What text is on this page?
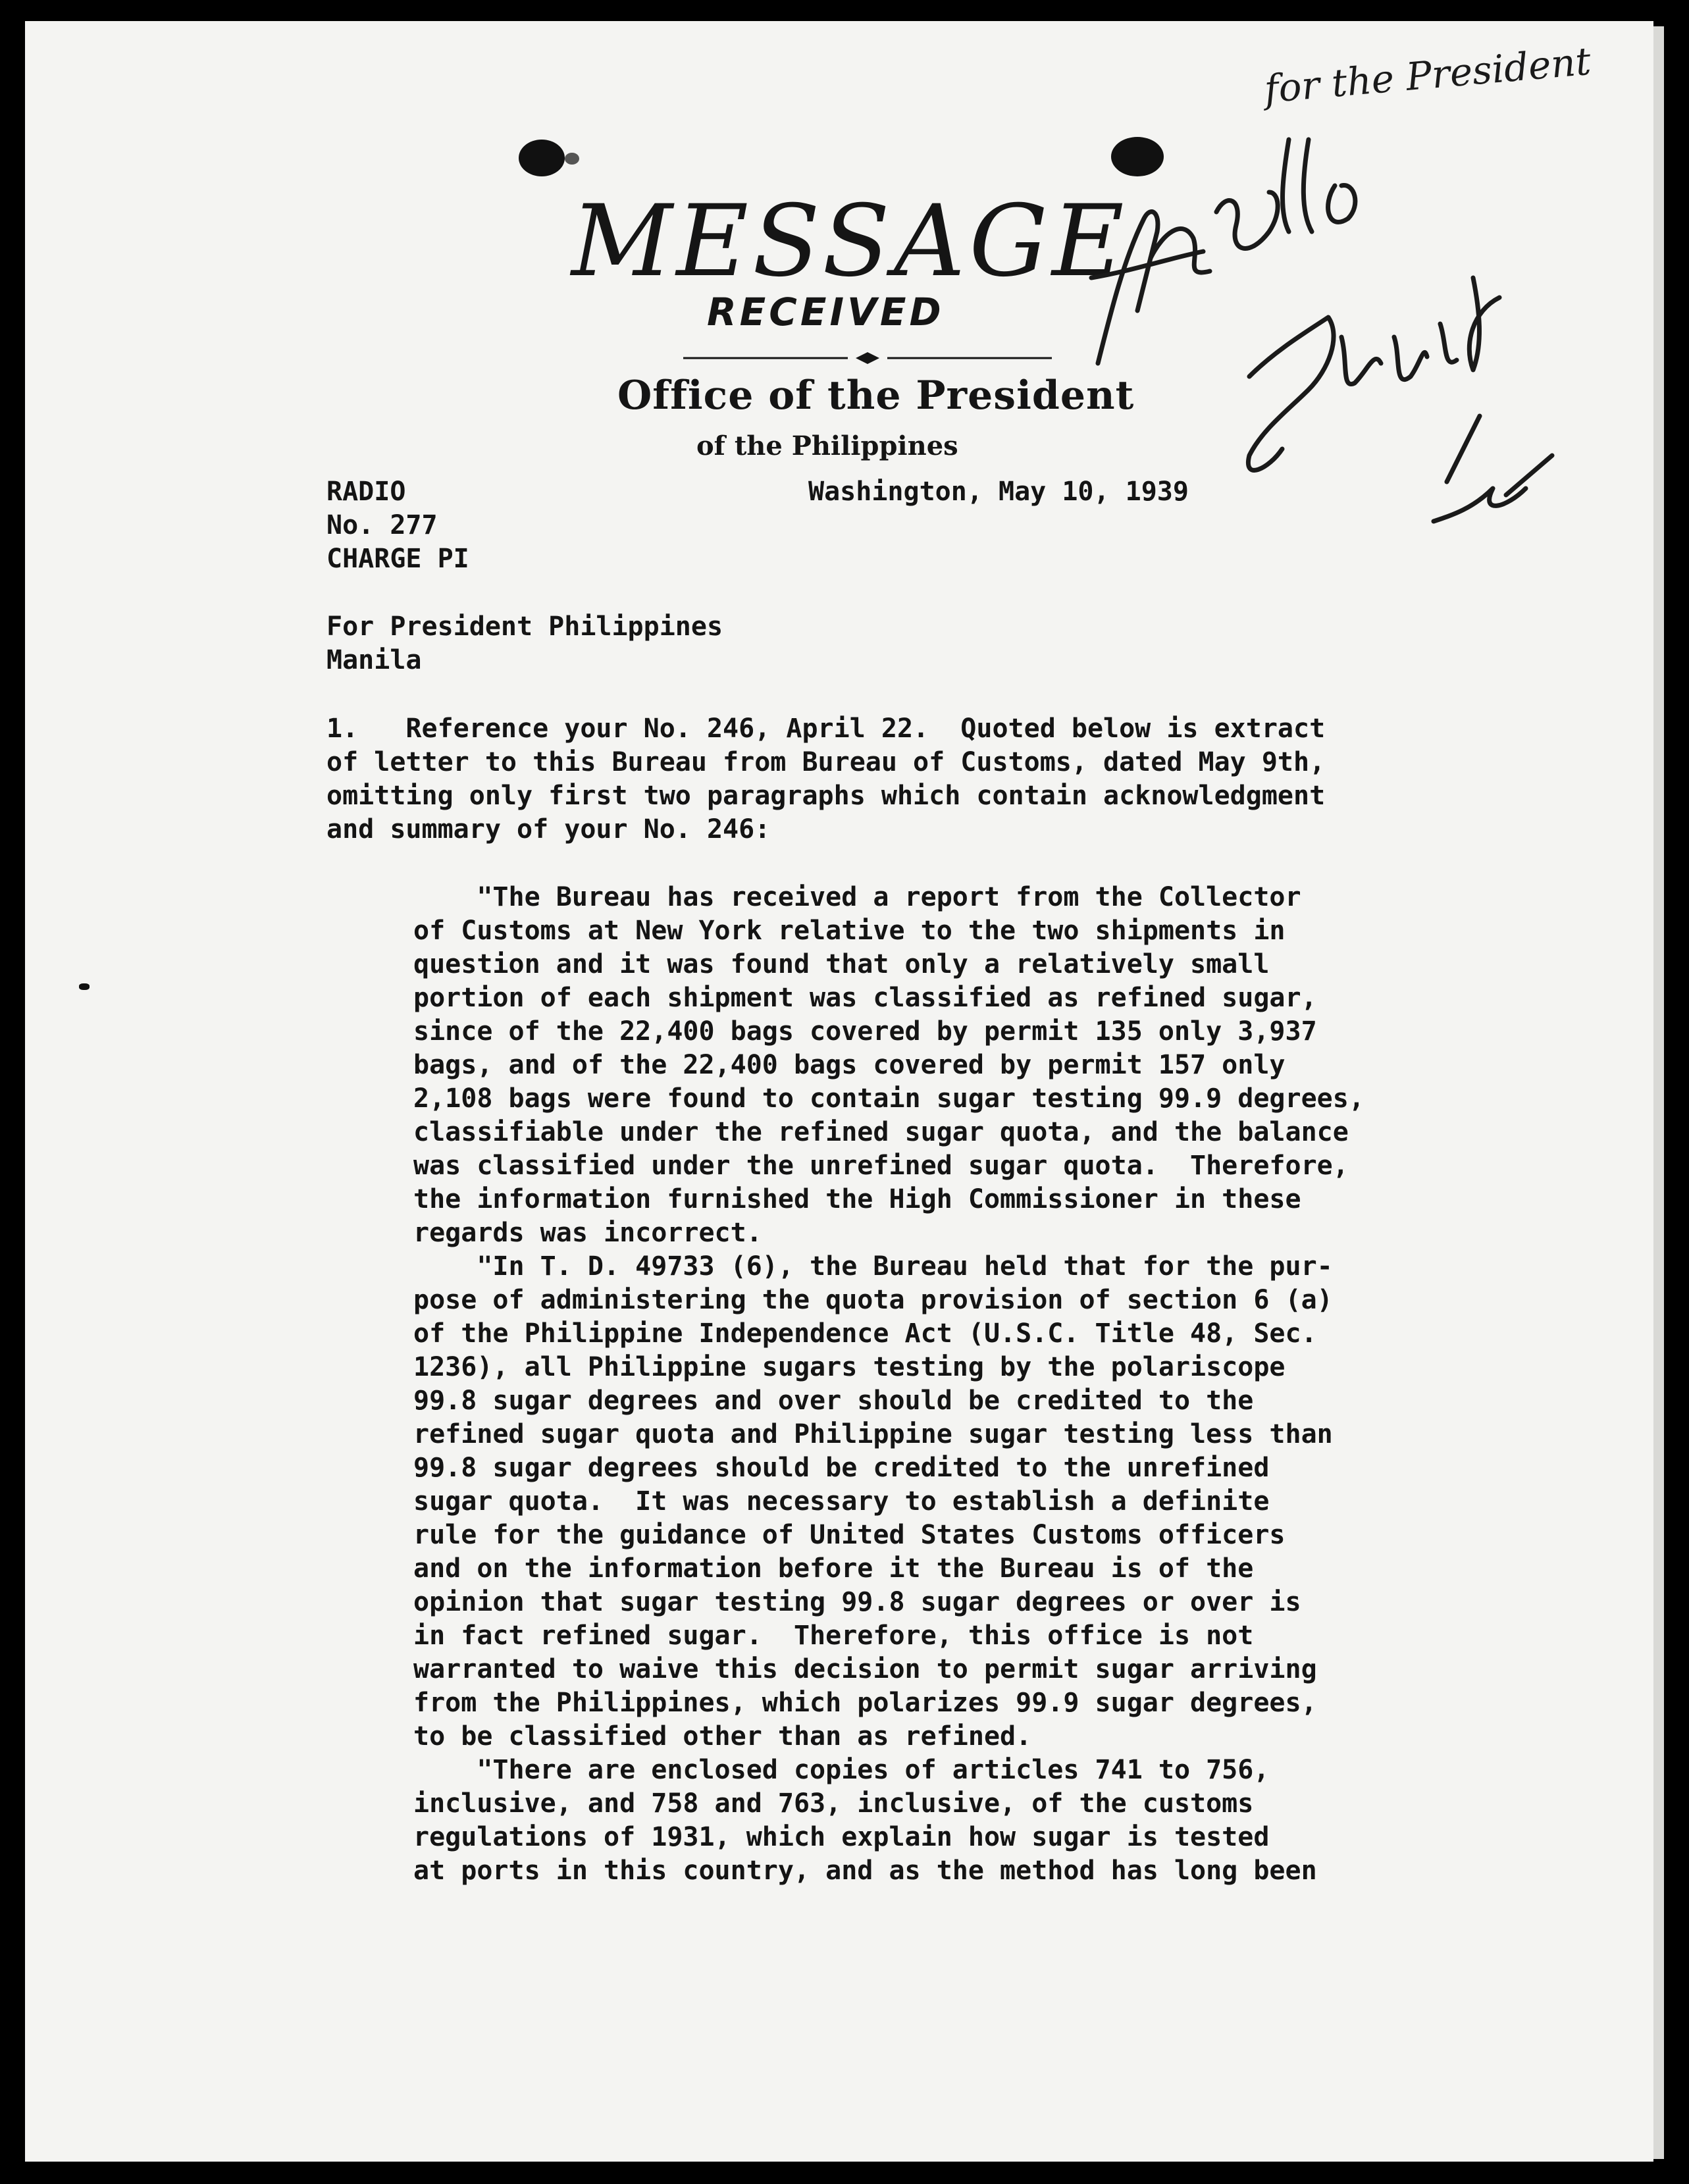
MESSAGE
RECEIVED
Office of the President
of the Philippines
for the President

RADIO
No. 277
CHARGE PI
Washington, May 10, 1939
For President Philippines
Manila
1.   Reference your No. 246, April 22.  Quoted below is extract
of letter to this Bureau from Bureau of Customs, dated May 9th,
omitting only first two paragraphs which contain acknowledgment
and summary of your No. 246:
"The Bureau has received a report from the Collector
of Customs at New York relative to the two shipments in
question and it was found that only a relatively small
portion of each shipment was classified as refined sugar,
since of the 22,400 bags covered by permit 135 only 3,937
bags, and of the 22,400 bags covered by permit 157 only
2,108 bags were found to contain sugar testing 99.9 degrees,
classifiable under the refined sugar quota, and the balance
was classified under the unrefined sugar quota.  Therefore,
the information furnished the High Commissioner in these
regards was incorrect.
"In T. D. 49733 (6), the Bureau held that for the pur-
pose of administering the quota provision of section 6 (a)
of the Philippine Independence Act (U.S.C. Title 48, Sec.
1236), all Philippine sugars testing by the polariscope
99.8 sugar degrees and over should be credited to the
refined sugar quota and Philippine sugar testing less than
99.8 sugar degrees should be credited to the unrefined
sugar quota.  It was necessary to establish a definite
rule for the guidance of United States Customs officers
and on the information before it the Bureau is of the
opinion that sugar testing 99.8 sugar degrees or over is
in fact refined sugar.  Therefore, this office is not
warranted to waive this decision to permit sugar arriving
from the Philippines, which polarizes 99.9 sugar degrees,
to be classified other than as refined.
"There are enclosed copies of articles 741 to 756,
inclusive, and 758 and 763, inclusive, of the customs
regulations of 1931, which explain how sugar is tested
at ports in this country, and as the method has long been
